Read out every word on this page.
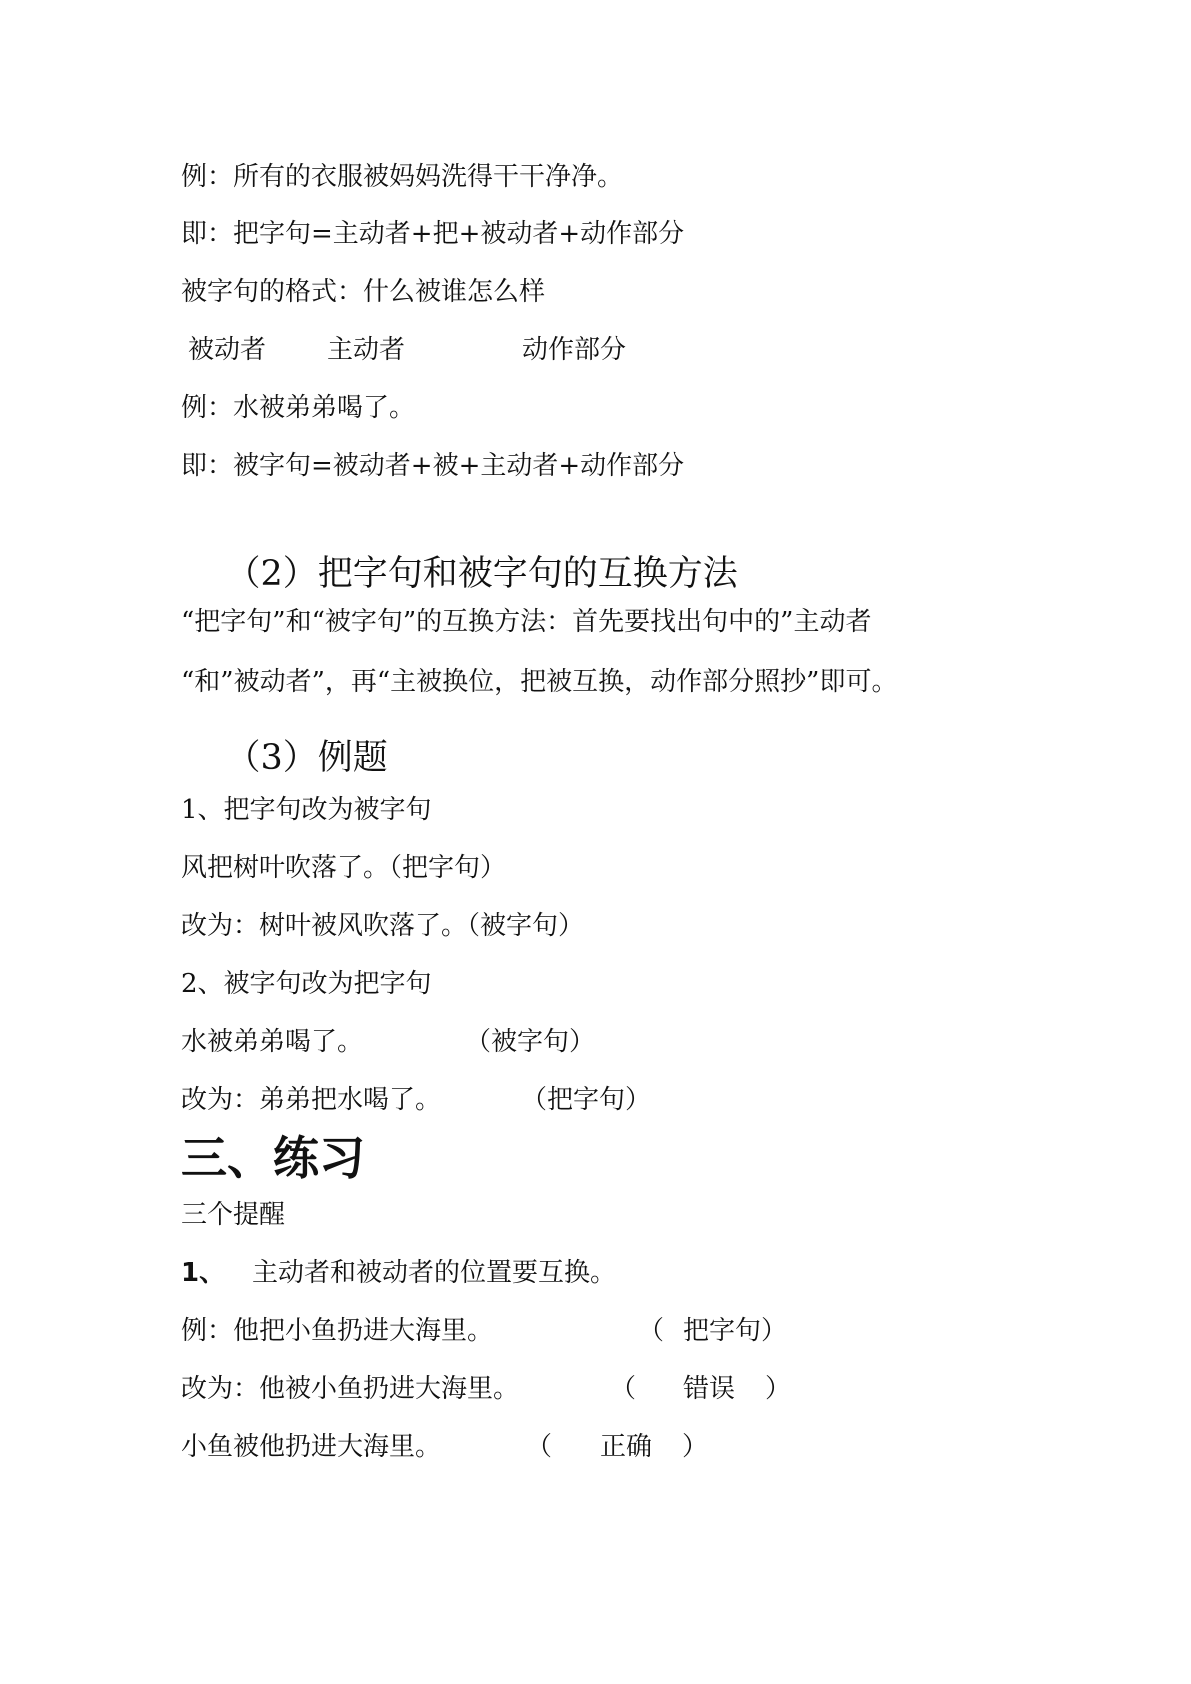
例：所有的衣服被妈妈洗得干干净净。
即：把字句=主动者+把+被动者+动作部分
被字句的格式：什么被谁怎么样
被动者 主动者	动作部分
例：水被弟弟喝了。
即：被字句=被动者+被+主动者+动作部分

（2）把字句和被字句的互换方法

“把字句”和“被字句”的互换方法：首先要找出句中的”主动者
“和”被动者”，再“主被换位，把被互换，动作部分照抄”即可。

（3）例题

1、把字句改为被字句
风把树叶吹落了。（把字句）
改为：树叶被风吹落了。（被字句）
2、被字句改为把字句
水被弟弟喝了。	（被字句）
改为：弟弟把水喝了。	（把字句）
三、练习
三个提醒
1、 主动者和被动者的位置要互换。
例：他把小鱼扔进大海里。	（ 把字句）
改为：他被小鱼扔进大海里。	（ 错误 ）
小鱼被他扔进大海里。	（ 正确 ）
